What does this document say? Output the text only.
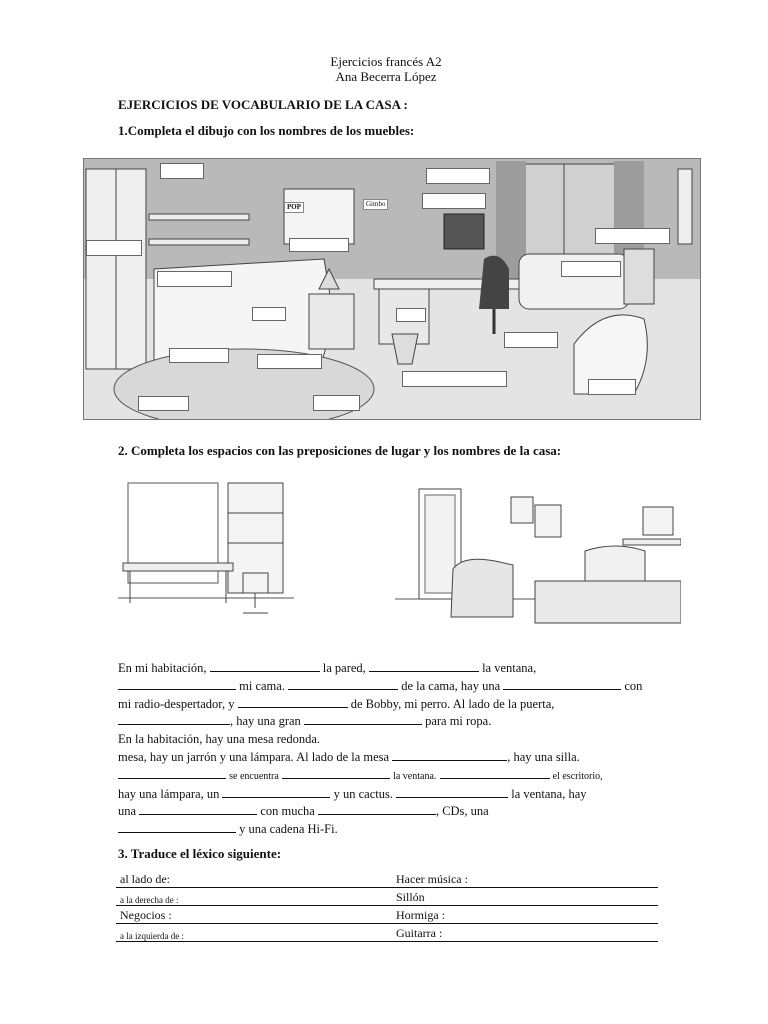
Ejercicios francés A2
Ana Becerra López
EJERCICIOS DE VOCABULARIO DE LA CASA :
1.Completa el dibujo con los nombres de los muebles:
Gimbo
POP
2. Completa los espacios con las preposiciones de lugar y los nombres de la casa:

En mi habitación,	la pared,	la ventana,

mi cama.	de la cama, hay una	con

mi radio-despertador, y	de Bobby, mi perro. Al lado de la puerta,

, hay una gran	para mi ropa.

En la habitación, hay una mesa redonda.

mesa, hay un jarrón y una lámpara. Al lado de la mesa	, hay una silla.

se encuentra	la ventana.	el escritorio,

hay una lámpara, un	y un cactus.	la ventana, hay

una	con mucha	, CDs, una

y una cadena Hi-Fi.

3. Traduce el léxico siguiente:
al lado de:	Hacer música :
a la derecha de :	Sillón
Negocios :	Hormiga :
a la izquierda de :	Guitarra :
